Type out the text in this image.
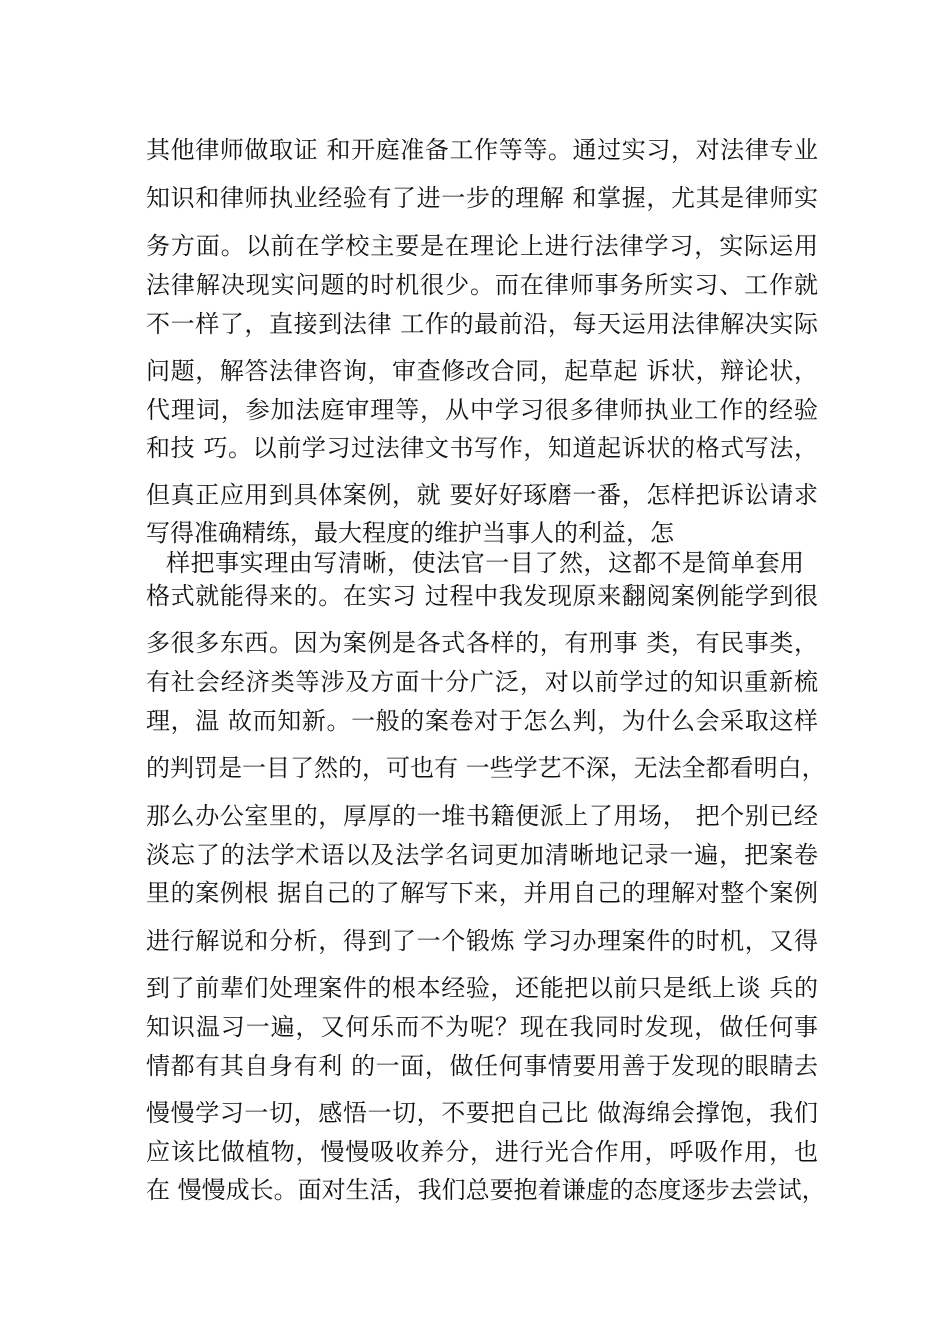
其他律师做取证 和开庭准备工作等等。通过实习，对法律专业
知识和律师执业经验有了进一步的理解 和掌握，尤其是律师实
务方面。以前在学校主要是在理论上进行法律学习，实际运用
法律解决现实问题的时机很少。而在律师事务所实习、工作就
不一样了，直接到法律 工作的最前沿，每天运用法律解决实际
问题，解答法律咨询，审查修改合同，起草起 诉状，辩论状，
代理词，参加法庭审理等，从中学习很多律师执业工作的经验
和技 巧。以前学习过法律文书写作，知道起诉状的格式写法，
但真正应用到具体案例，就 要好好琢磨一番，怎样把诉讼请求
写得准确精练，最大程度的维护当事人的利益，怎
样把事实理由写清晰，使法官一目了然，这都不是简单套用
格式就能得来的。在实习 过程中我发现原来翻阅案例能学到很
多很多东西。因为案例是各式各样的，有刑事 类，有民事类，
有社会经济类等涉及方面十分广泛，对以前学过的知识重新梳
理，温 故而知新。一般的案卷对于怎么判，为什么会采取这样
的判罚是一目了然的，可也有 一些学艺不深，无法全都看明白，
那么办公室里的，厚厚的一堆书籍便派上了用场， 把个别已经
淡忘了的法学术语以及法学名词更加清晰地记录一遍，把案卷
里的案例根 据自己的了解写下来，并用自己的理解对整个案例
进行解说和分析，得到了一个锻炼 学习办理案件的时机，又得
到了前辈们处理案件的根本经验，还能把以前只是纸上谈 兵的
知识温习一遍，又何乐而不为呢？现在我同时发现，做任何事
情都有其自身有利 的一面，做任何事情要用善于发现的眼睛去
慢慢学习一切，感悟一切，不要把自己比 做海绵会撑饱，我们
应该比做植物，慢慢吸收养分，进行光合作用，呼吸作用，也
在 慢慢成长。面对生活，我们总要抱着谦虚的态度逐步去尝试，
